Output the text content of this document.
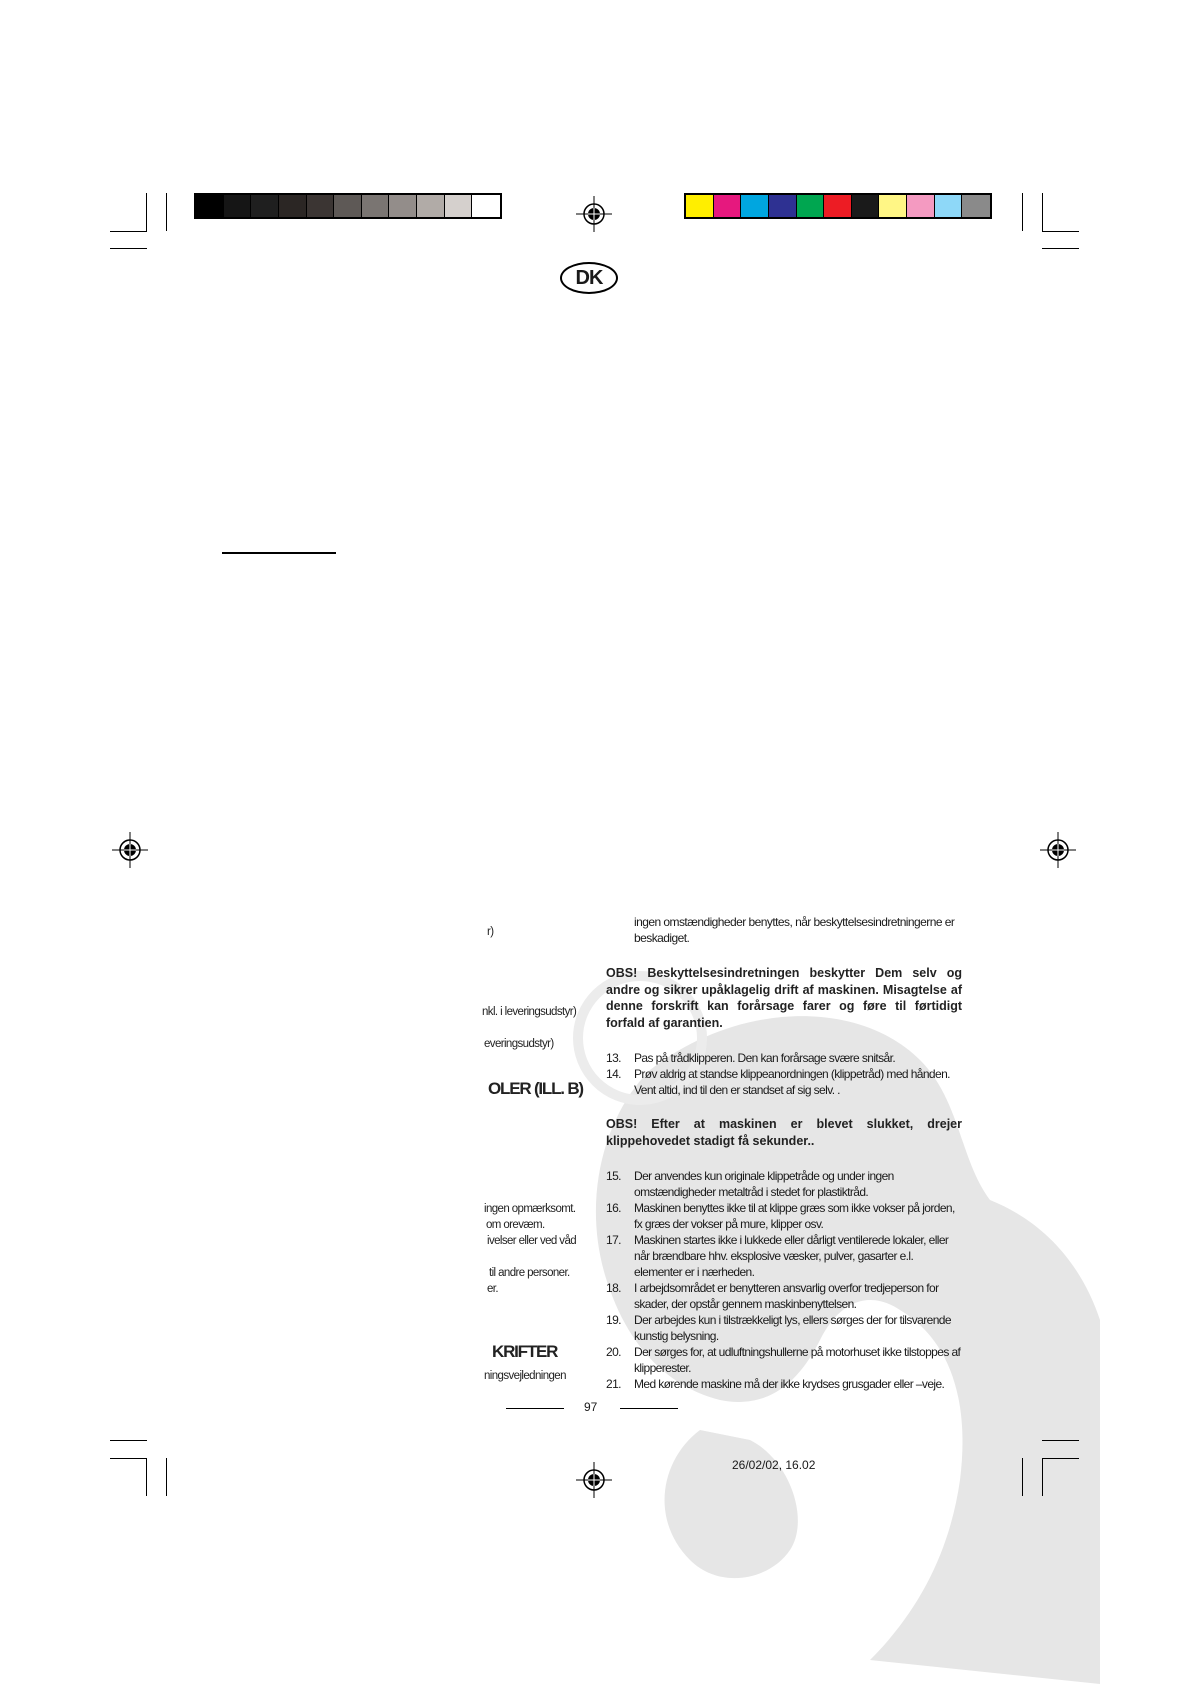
DK
r)
nkl. i leveringsudstyr)
everingsudstyr)
OLER (ILL. B)
ingen opmærksomt.
om orevæm.
ivelser eller ved våd
til andre personer.
er.
KRIFTER
ningsvejledningen
ingen omstændigheder benyttes, når beskyttelsesindretningerne er beskadiget.
OBS! Beskyttelsesindretningen beskytter Dem selv og andre og sikrer upåklagelig drift af maskinen. Misagtelse af denne forskrift kan forårsage farer og føre til førtidigt forfald af garantien.
13.	Pas på trådklipperen. Den kan forårsage svære snitsår.
14.	Prøv aldrig at standse klippeanordningen (klippetråd) med hånden. Vent altid, ind til den er standset af sig selv. .
OBS! Efter at maskinen er blevet slukket, drejer klippehovedet stadigt få sekunder..
15.	Der anvendes kun originale klippetråde og under ingen omstændigheder metaltråd i stedet for plastiktråd.
16.	Maskinen benyttes ikke til at klippe græs som ikke vokser på jorden, fx græs der vokser på mure, klipper osv.
17.	Maskinen startes ikke i lukkede eller dårligt ventilerede lokaler, eller når brændbare hhv. eksplosive væsker, pulver, gasarter e.l. elementer er i nærheden.
18.	I arbejdsområdet er benytteren ansvarlig overfor tredjeperson for skader, der opstår gennem maskinbenyttelsen.
19.	Der arbejdes kun i tilstrækkeligt lys, ellers sørges der for tilsvarende kunstig belysning.
20.	Der sørges for, at udluftningshullerne på motorhuset ikke tilstoppes af klipperester.
21.	Med kørende maskine må der ikke krydses grusgader eller –veje.
97
26/02/02, 16.02
